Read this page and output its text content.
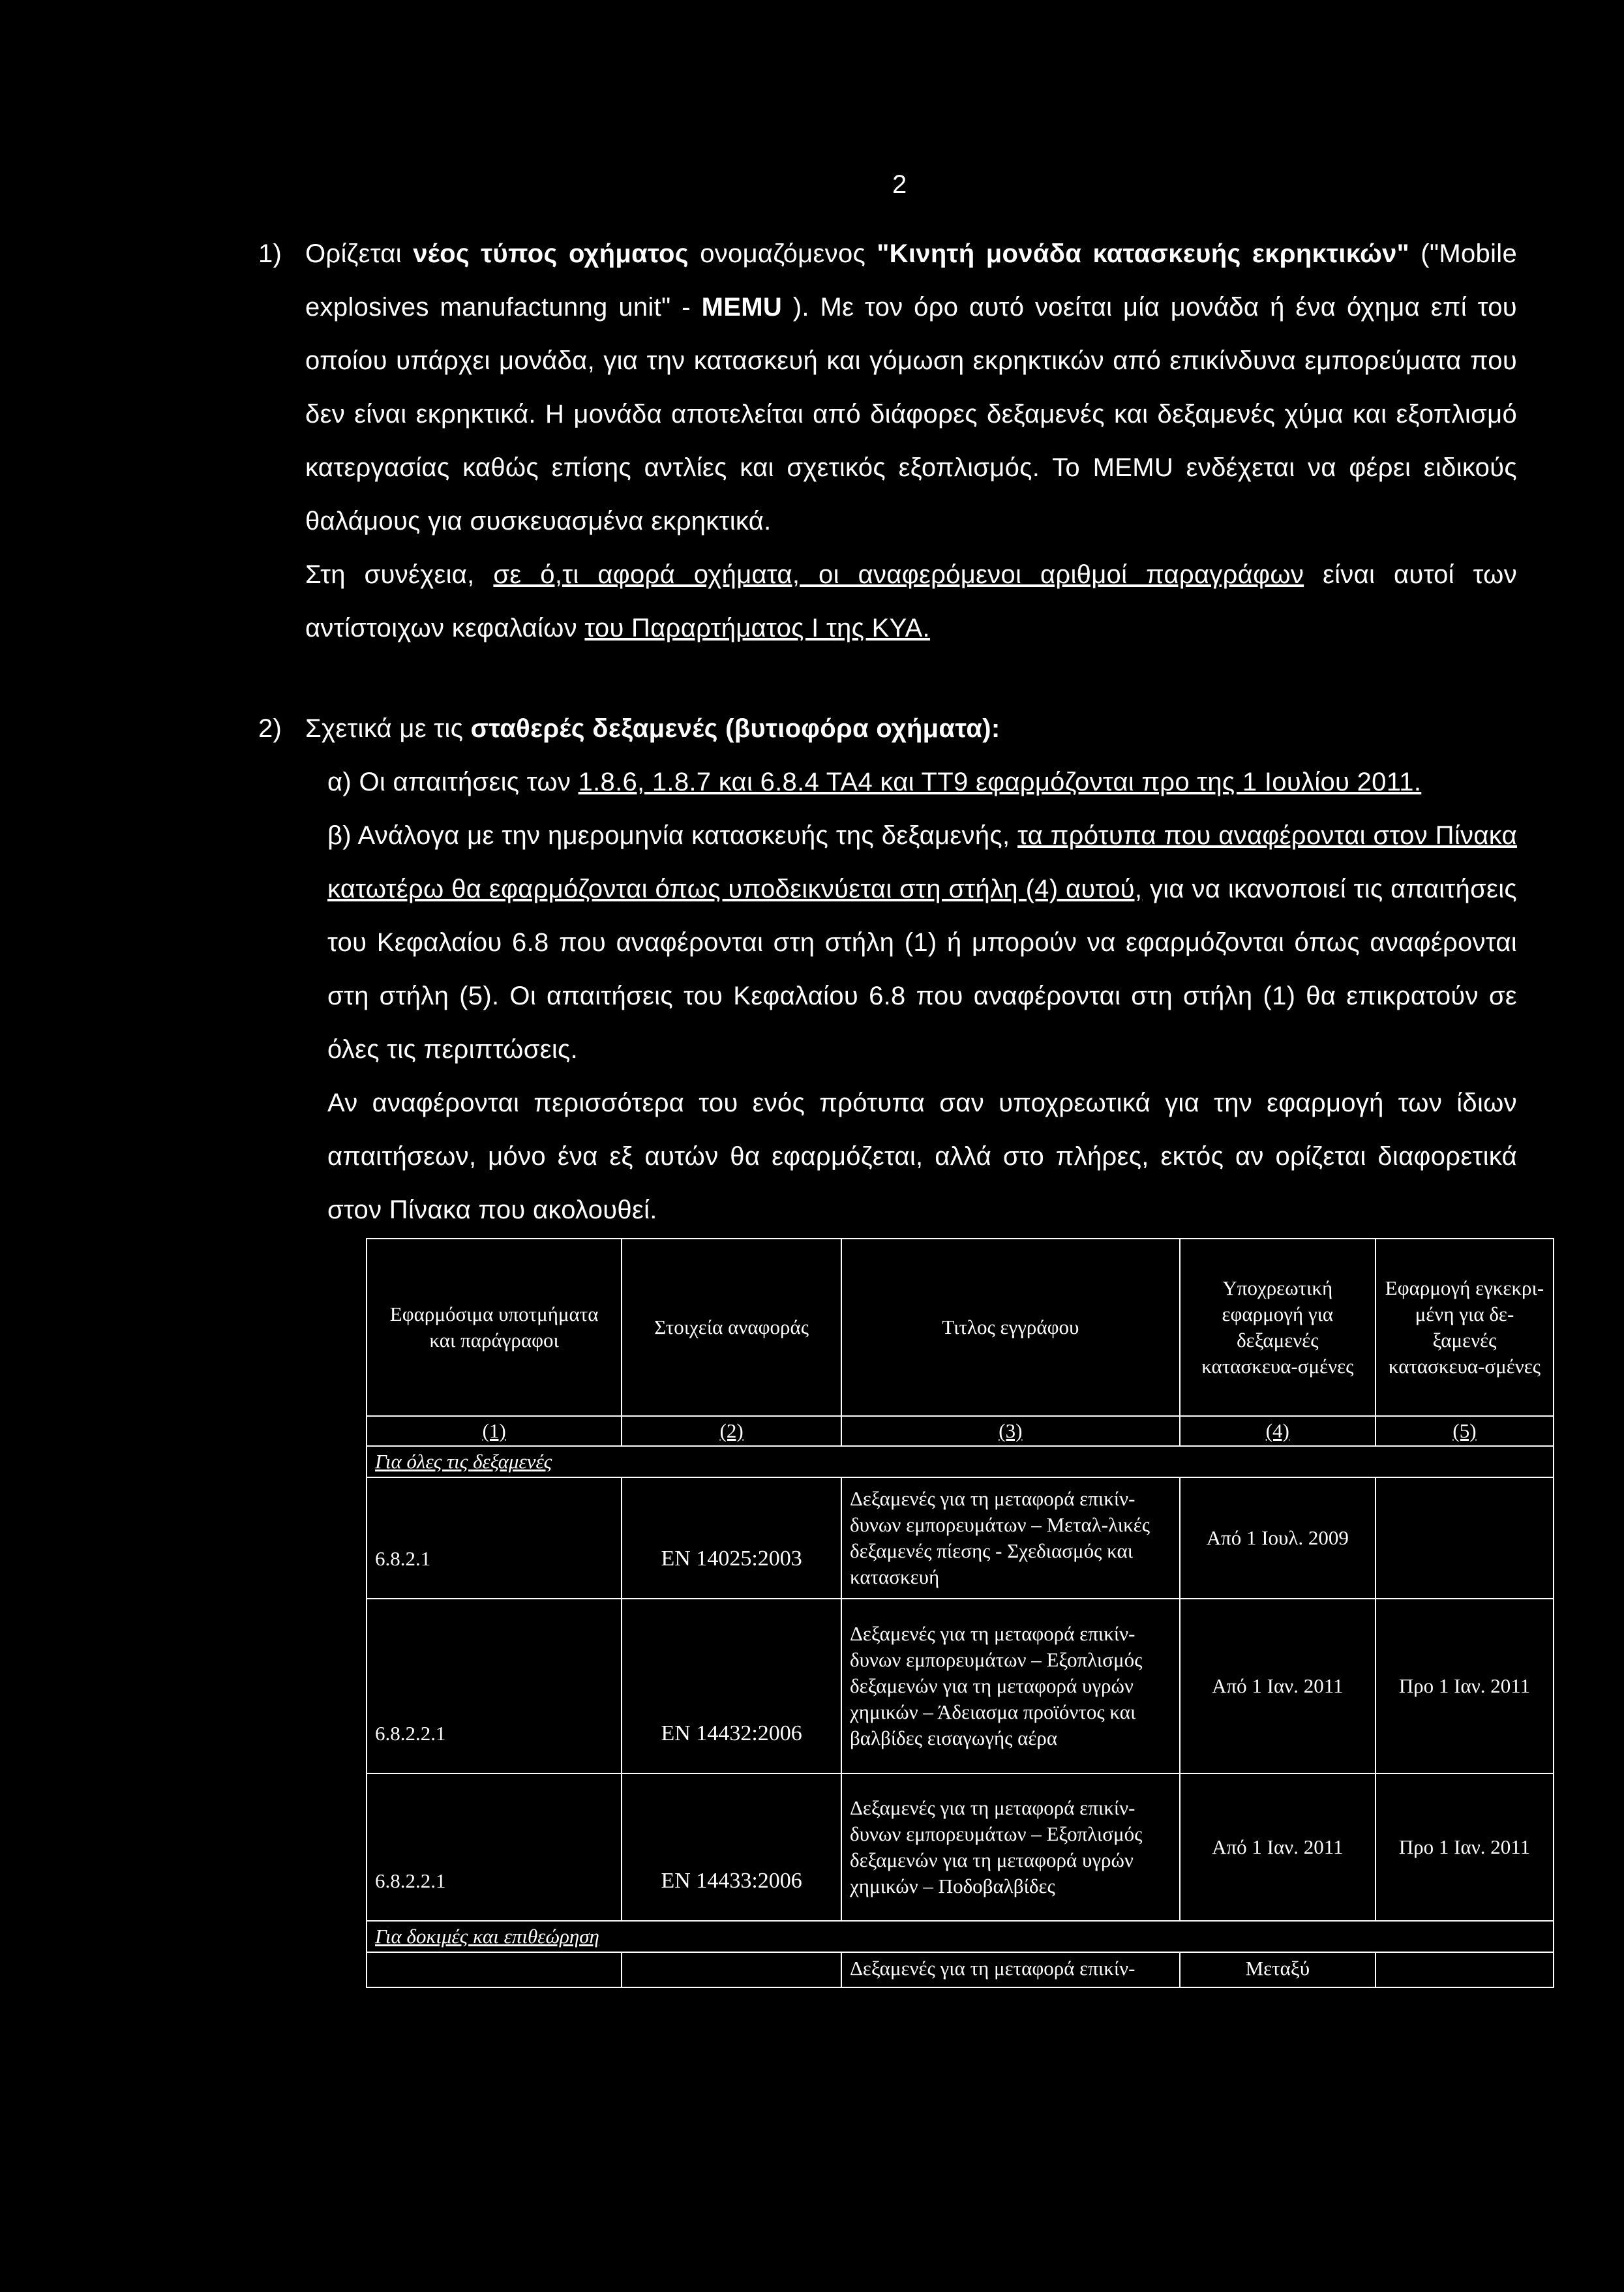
2
1) Ορίζεται νέος τύπος οχήματος ονομαζόμενος "Κινητή μονάδα κατασκευής εκρηκτικών" ("Mobile explosives manufactunng unit" - MEMU ). Με τον όρο αυτό νοείται μία μονάδα ή ένα όχημα επί του οποίου υπάρχει μονάδα, για την κατασκευή και γόμωση εκρηκτικών από επικίνδυνα εμπορεύματα που δεν είναι εκρηκτικά. Η μονάδα αποτελείται από διάφορες δεξαμενές και δεξαμενές χύμα και εξοπλισμό κατεργασίας καθώς επίσης αντλίες και σχετικός εξοπλισμός. Το MEMU ενδέχεται να φέρει ειδικούς θαλάμους για συσκευασμένα εκρηκτικά.
Στη συνέχεια, σε ό,τι αφορά οχήματα, οι αναφερόμενοι αριθμοί παραγράφων είναι αυτοί των αντίστοιχων κεφαλαίων του Παραρτήματος Ι της ΚΥΑ.
2) Σχετικά με τις σταθερές δεξαμενές (βυτιοφόρα οχήματα):
α) Οι απαιτήσεις των 1.8.6, 1.8.7 και 6.8.4 ΤΑ4 και ΤΤ9 εφαρμόζονται προ της 1 Ιουλίου 2011.
β) Ανάλογα με την ημερομηνία κατασκευής της δεξαμενής, τα πρότυπα που αναφέρονται στον Πίνακα κατωτέρω θα εφαρμόζονται όπως υποδεικνύεται στη στήλη (4) αυτού, για να ικανοποιεί τις απαιτήσεις του Κεφαλαίου 6.8 που αναφέρονται στη στήλη (1) ή μπορούν να εφαρμόζονται όπως αναφέρονται στη στήλη (5). Οι απαιτήσεις του Κεφαλαίου 6.8 που αναφέρονται στη στήλη (1) θα επικρατούν σε όλες τις περιπτώσεις.
Αν αναφέρονται περισσότερα του ενός πρότυπα σαν υποχρεωτικά για την εφαρμογή των ίδιων απαιτήσεων, μόνο ένα εξ αυτών θα εφαρμόζεται, αλλά στο πλήρες, εκτός αν ορίζεται διαφορετικά στον Πίνακα που ακολουθεί.
Εφαρμόσιμα υποτμήματα και παράγραφοι	Στοιχεία αναφοράς	Τιτλος εγγράφου	Υποχρεωτική εφαρμογή για δεξαμενές κατασκευα-σμένες	Εφαρμογή εγκεκρι-μένη για δε-ξαμενές κατασκευα-σμένες
(1)	(2)	(3)	(4)	(5)
Για όλες τις δεξαμενές				
6.8.2.1	EN 14025:2003	Δεξαμενές για τη μεταφορά επικίν-δυνων εμπορευμάτων – Μεταλ-λικές δεξαμενές πίεσης - Σχεδιασμός και κατασκευή	Από 1 Ιουλ. 2009	
6.8.2.2.1	EN 14432:2006	Δεξαμενές για τη μεταφορά επικίν-δυνων εμπορευμάτων – Εξοπλισμός δεξαμενών για τη μεταφορά υγρών χημικών – Άδειασμα προϊόντος και βαλβίδες εισαγωγής αέρα	Από 1 Ιαν. 2011	Προ 1 Ιαν. 2011
6.8.2.2.1	EN 14433:2006	Δεξαμενές για τη μεταφορά επικίν-δυνων εμπορευμάτων – Εξοπλισμός δεξαμενών για τη μεταφορά υγρών χημικών – Ποδοβαλβίδες	Από 1 Ιαν. 2011	Προ 1 Ιαν. 2011
Για δοκιμές και επιθεώρηση				
		Δεξαμενές για τη μεταφορά επικίν-	Μεταξύ	
